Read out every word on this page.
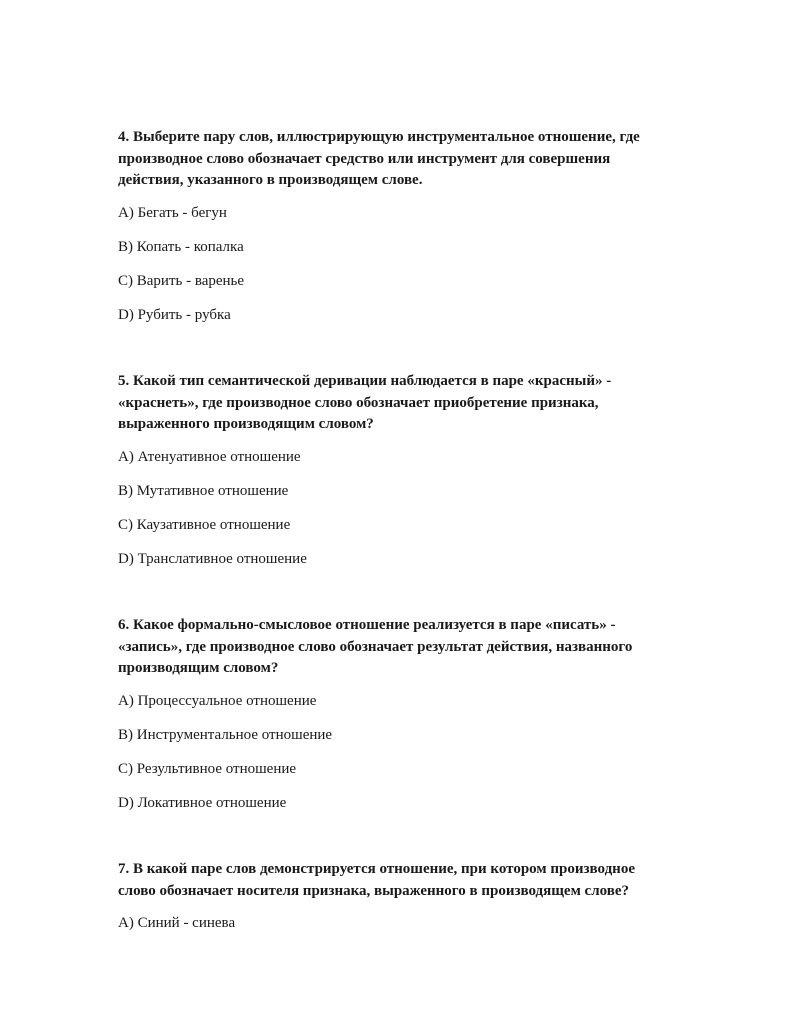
4. Выберите пару слов, иллюстрирующую инструментальное отношение, где
производное слово обозначает средство или инструмент для совершения
действия, указанного в производящем слове.
A) Бегать - бегун
B) Копать - копалка
C) Варить - варенье
D) Рубить - рубка
5. Какой тип семантической деривации наблюдается в паре «красный» -
«краснеть», где производное слово обозначает приобретение признака,
выраженного производящим словом?
A) Атенуативное отношение
B) Мутативное отношение
C) Каузативное отношение
D) Транслативное отношение
6. Какое формально-смысловое отношение реализуется в паре «писать» -
«запись», где производное слово обозначает результат действия, названного
производящим словом?
A) Процессуальное отношение
B) Инструментальное отношение
C) Результивное отношение
D) Локативное отношение
7. В какой паре слов демонстрируется отношение, при котором производное
слово обозначает носителя признака, выраженного в производящем слове?
A) Синий - синева
